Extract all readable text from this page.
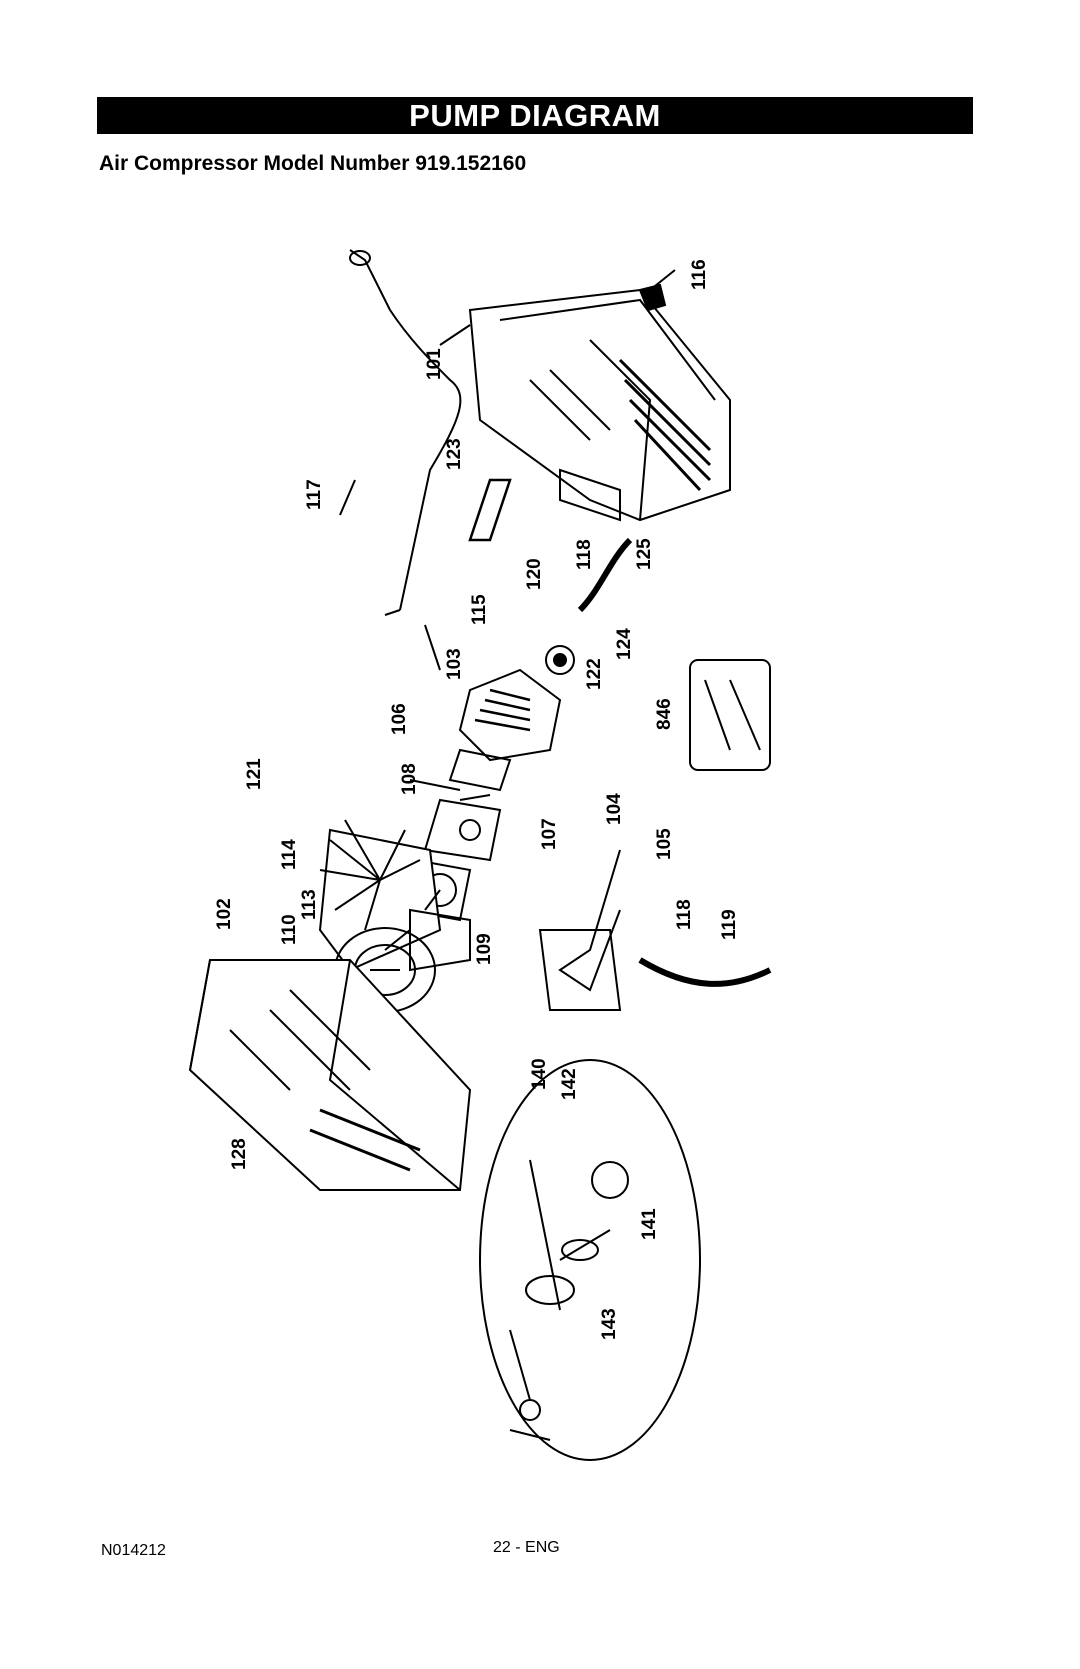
PUMP DIAGRAM
Air Compressor Model Number 919.152160
101
116
117
123
118 125
120
115
124
103	122
106	846
121	108
107
104
105
114
113
110
102
109
118 119
128
140 142
141
143
N014212	22 - ENG
